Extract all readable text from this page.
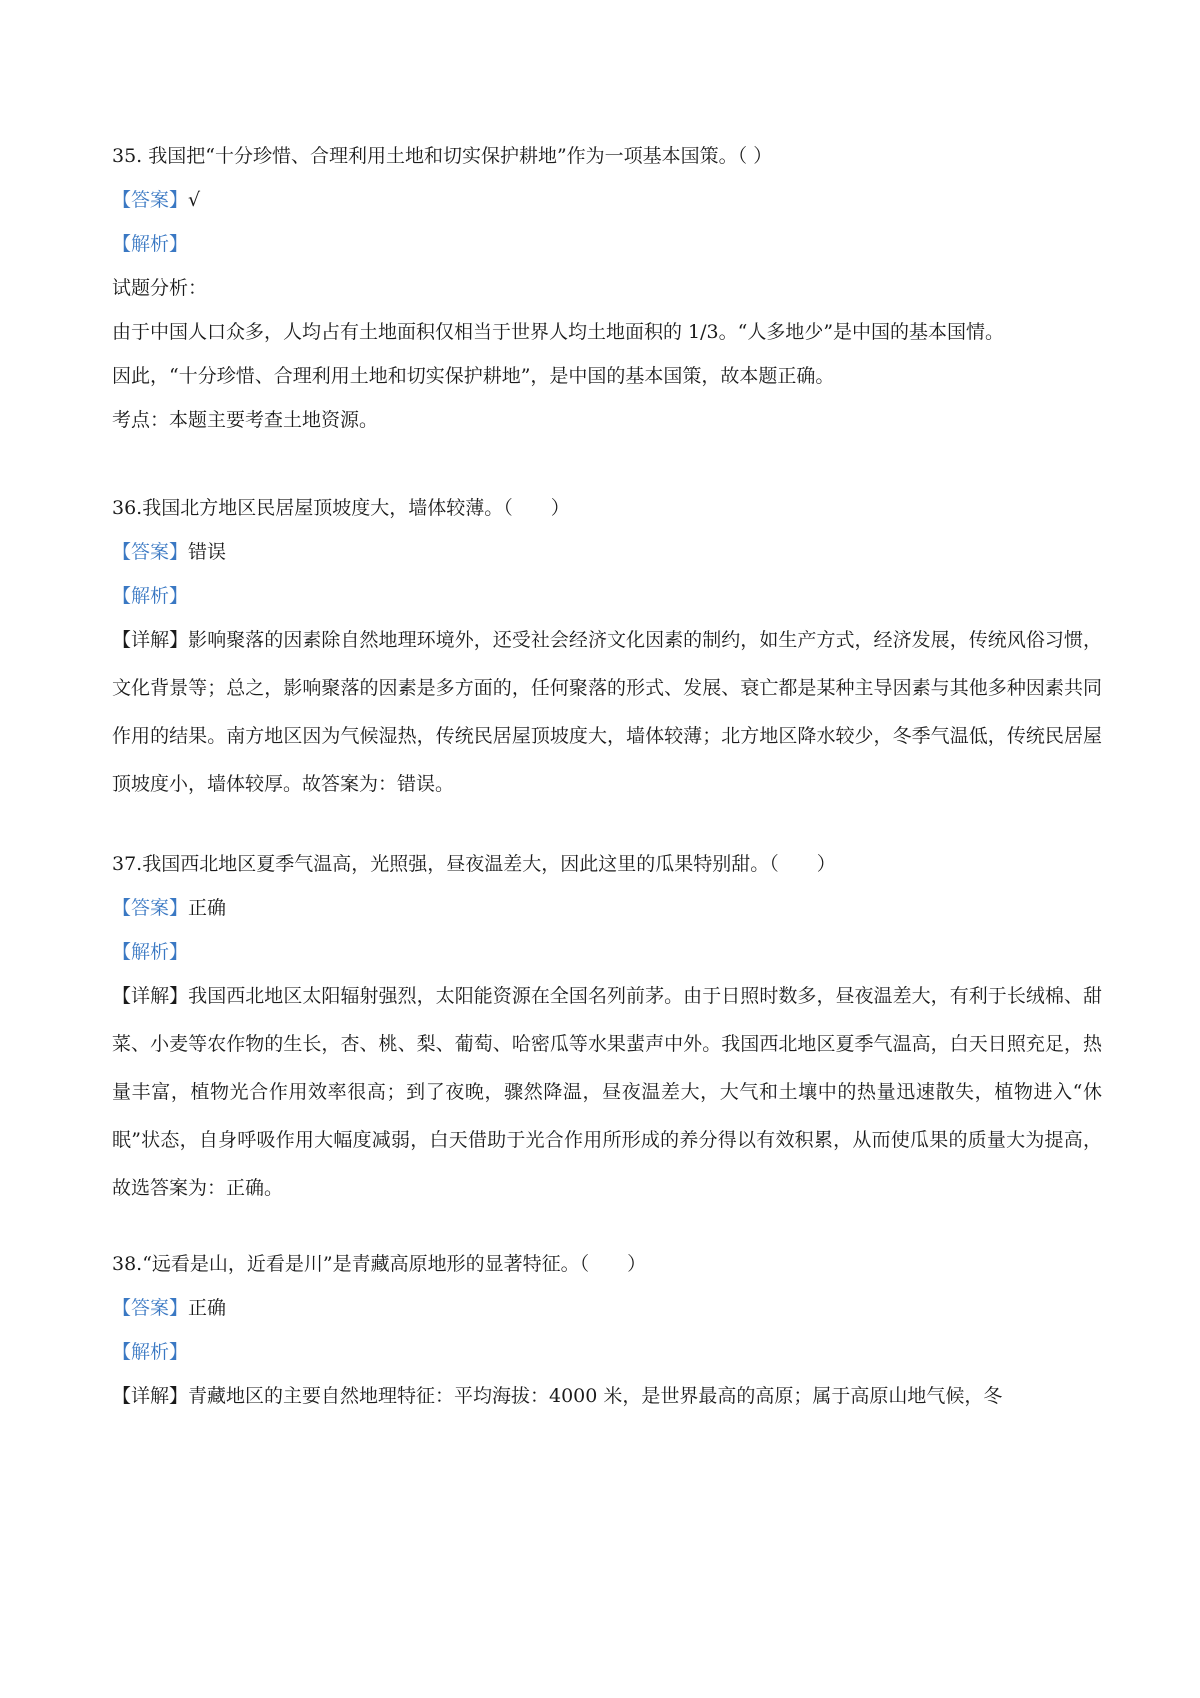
35. 我国把“十分珍惜、合理利用土地和切实保护耕地”作为一项基本国策。（ ）
【答案】√
【解析】
试题分析：
由于中国人口众多，人均占有土地面积仅相当于世界人均土地面积的 1/3。“人多地少”是中国的基本国情。
因此，“十分珍惜、合理利用土地和切实保护耕地”，是中国的基本国策，故本题正确。
考点：本题主要考查土地资源。
36.我国北方地区民居屋顶坡度大，墙体较薄。（　　）
【答案】错误
【解析】
【详解】影响聚落的因素除自然地理环境外，还受社会经济文化因素的制约，如生产方式，经济发展，传统风俗习惯，文化背景等；总之，影响聚落的因素是多方面的，任何聚落的形式、发展、衰亡都是某种主导因素与其他多种因素共同作用的结果。南方地区因为气候湿热，传统民居屋顶坡度大，墙体较薄；北方地区降水较少，冬季气温低，传统民居屋顶坡度小，墙体较厚。故答案为：错误。
37.我国西北地区夏季气温高，光照强，昼夜温差大，因此这里的瓜果特别甜。（　　）
【答案】正确
【解析】
【详解】我国西北地区太阳辐射强烈，太阳能资源在全国名列前茅。由于日照时数多，昼夜温差大，有利于长绒棉、甜菜、小麦等农作物的生长，杏、桃、梨、葡萄、哈密瓜等水果蜚声中外。我国西北地区夏季气温高，白天日照充足，热量丰富，植物光合作用效率很高；到了夜晚，骤然降温，昼夜温差大，大气和土壤中的热量迅速散失，植物进入“休眠”状态，自身呼吸作用大幅度减弱，白天借助于光合作用所形成的养分得以有效积累，从而使瓜果的质量大为提高，故选答案为：正确。
38.“远看是山，近看是川”是青藏高原地形的显著特征。（　　）
【答案】正确
【解析】
【详解】青藏地区的主要自然地理特征：平均海拔：4000 米，是世界最高的高原；属于高原山地气候，冬
